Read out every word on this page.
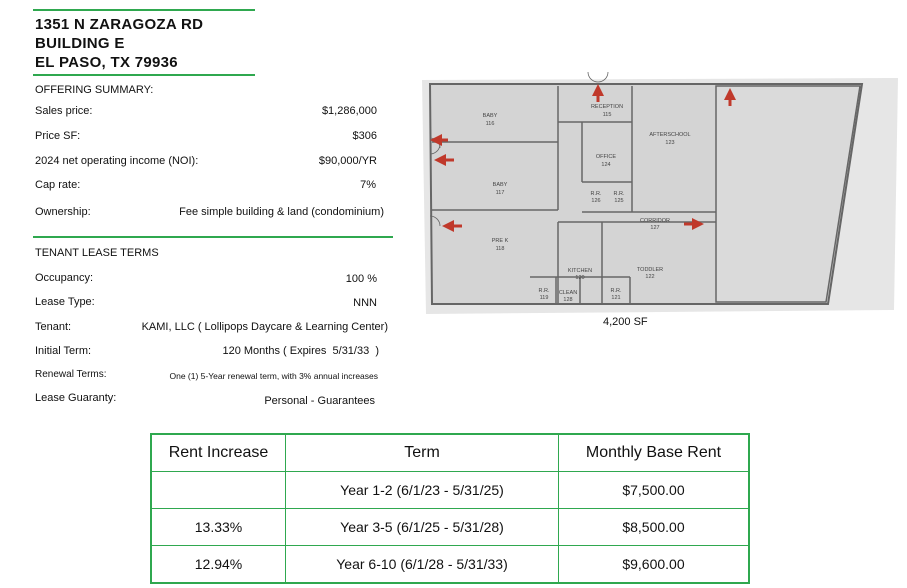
1351 N ZARAGOZA RD
BUILDING E
EL PASO, TX 79936
OFFERING SUMMARY:
Sales price:	$1,286,000
Price SF:	$306
2024 net operating income (NOI):	$90,000/YR
Cap rate:	7%
Ownership:	Fee simple building & land (condominium)
TENANT LEASE TERMS
Occupancy:	100 %
Lease Type:	NNN
Tenant:	KAMI, LLC ( Lollipops Daycare & Learning Center)
Initial Term:	120 Months ( Expires  5/31/33  )
Renewal Terms:	One (1) 5-Year renewal term, with 3% annual increases
Lease Guaranty:	Personal - Guarantees
BABY
116
RECEPTION
115
AFTERSCHOOL
123
OFFICE
124
BABY
117	R.R.
126
R.R.
125
CORRIDOR
127
PRE K
118
KITCHEN
120
TODDLER
122
R.R.
119
CLEAN
128
R.R.
121
4,200 SF
Rent Increase	Term	Monthly Base Rent
	Year 1-2 (6/1/23 - 5/31/25)	$7,500.00
13.33%	Year 3-5 (6/1/25 - 5/31/28)	$8,500.00
12.94%	Year 6-10 (6/1/28 - 5/31/33)	$9,600.00
